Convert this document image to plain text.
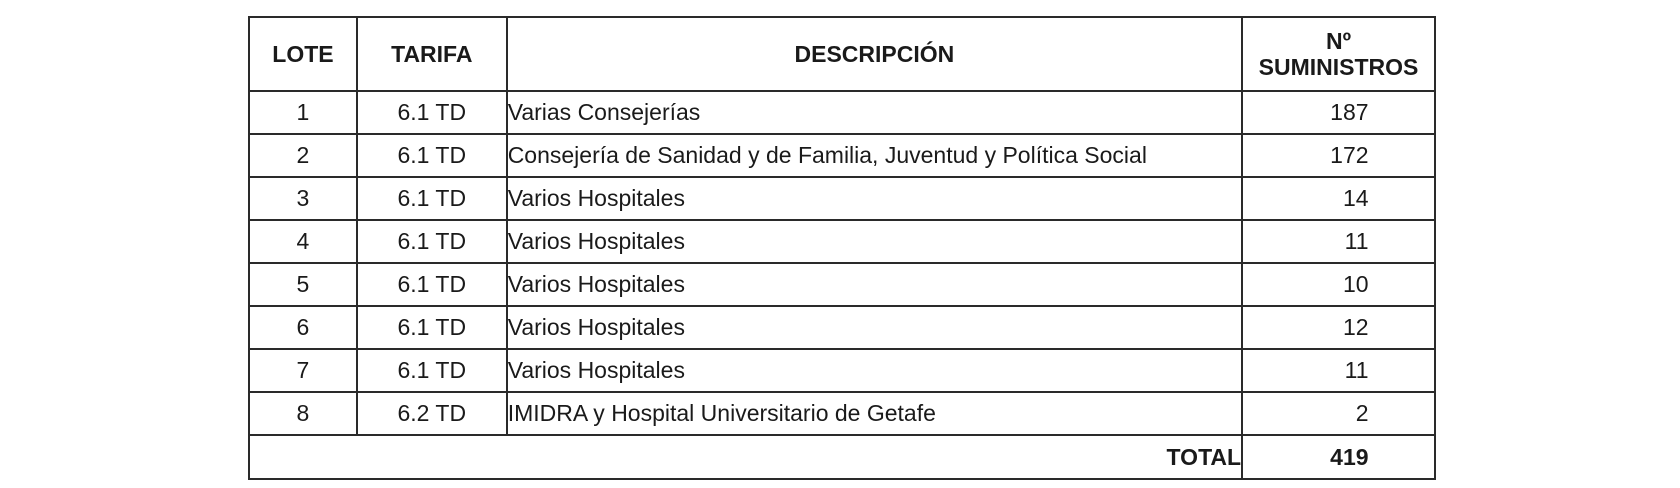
LOTE	TARIFA	DESCRIPCIÓN	Nº
SUMINISTROS

1	6.1 TD	Varias Consejerías	187
2	6.1 TD	Consejería de Sanidad y de Familia, Juventud y Política Social	172
3	6.1 TD	Varios Hospitales	14
4	6.1 TD	Varios Hospitales	11
5	6.1 TD	Varios Hospitales	10
6	6.1 TD	Varios Hospitales	12
7	6.1 TD	Varios Hospitales	11
8	6.2 TD	IMIDRA y Hospital Universitario de Getafe	2
TOTAL			419
